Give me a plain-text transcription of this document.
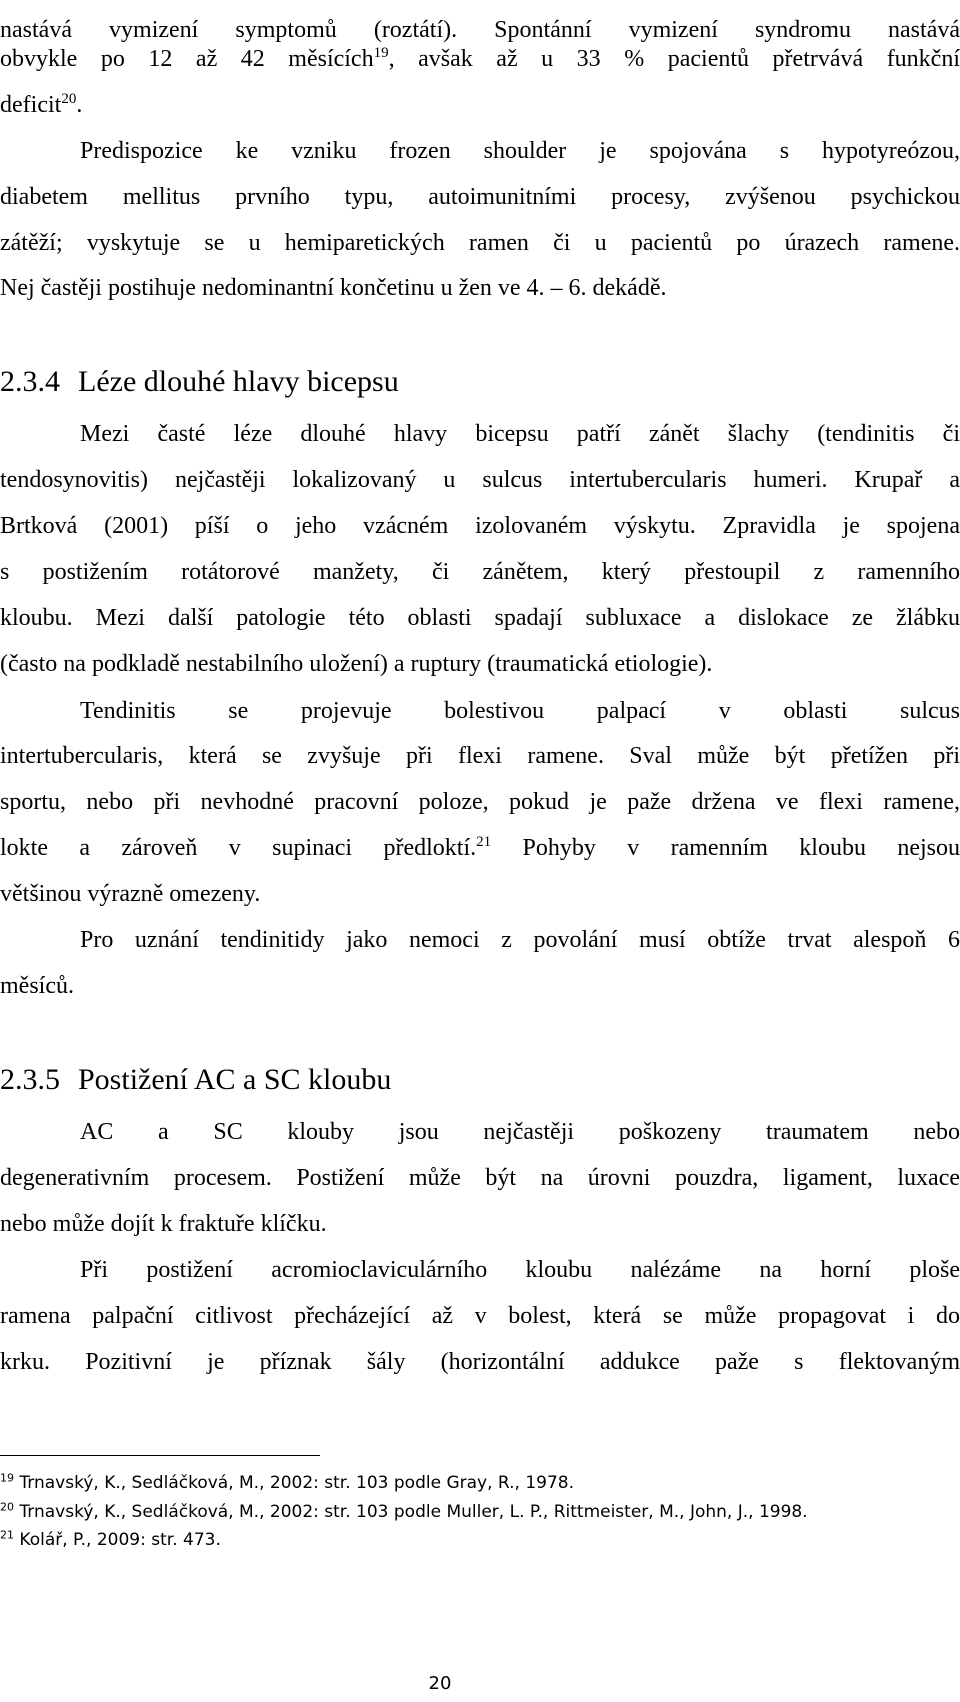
nastává vymizení symptomů (roztátí). Spontánní vymizení syndromu nastává
obvykle po 12 až 42 měsících$^{19}$, avšak až u 33 % pacientů přetrvává funkční
deficit$^{20}$.
Predispozice ke vzniku frozen shoulder je spojována s hypotyreózou,
diabetem mellitus prvního typu, autoimunitními procesy, zvýšenou psychickou
zátěží; vyskytuje se u hemiparetických ramen či u pacientů po úrazech ramene.
Nej častěji postihuje nedominantní končetinu u žen ve 4. – 6. dekádě.
2.3.4 Léze dlouhé hlavy bicepsu
Mezi časté léze dlouhé hlavy bicepsu patří zánět šlachy (tendinitis či
tendosynovitis) nejčastěji lokalizovaný u sulcus intertubercularis humeri. Krupař a
Brtková (2001) píší o jeho vzácném izolovaném výskytu. Zpravidla je spojena
s postižením rotátorové manžety, či zánětem, který přestoupil z ramenního
kloubu. Mezi další patologie této oblasti spadají subluxace a dislokace ze žlábku
(často na podkladě nestabilního uložení) a ruptury (traumatická etiologie).
Tendinitis se projevuje bolestivou palpací v oblasti sulcus
intertubercularis, která se zvyšuje při flexi ramene. Sval může být přetížen při
sportu, nebo při nevhodné pracovní poloze, pokud je paže držena ve flexi ramene,
lokte a zároveň v supinaci předloktí.$^{21}$ Pohyby v ramenním kloubu nejsou
většinou výrazně omezeny.
Pro uznání tendinitidy jako nemoci z povolání musí obtíže trvat alespoň 6
měsíců.
2.3.5 Postižení AC a SC kloubu
AC a SC klouby jsou nejčastěji poškozeny traumatem nebo
degenerativním procesem. Postižení může být na úrovni pouzdra, ligament, luxace
nebo může dojít k fraktuře klíčku.
Při postižení acromioclaviculárního kloubu nalézáme na horní ploše
ramena palpační citlivost přecházející až v bolest, která se může propagovat i do
krku. Pozitivní je příznak šály (horizontální addukce paže s flektovaným
$^{19}$ Trnavský, K., Sedláčková, M., 2002: str. 103 podle Gray, R., 1978.
$^{20}$ Trnavský, K., Sedláčková, M., 2002: str. 103 podle Muller, L. P., Rittmeister, M., John, J., 1998.
$^{21}$ Kolář, P., 2009: str. 473.
20
